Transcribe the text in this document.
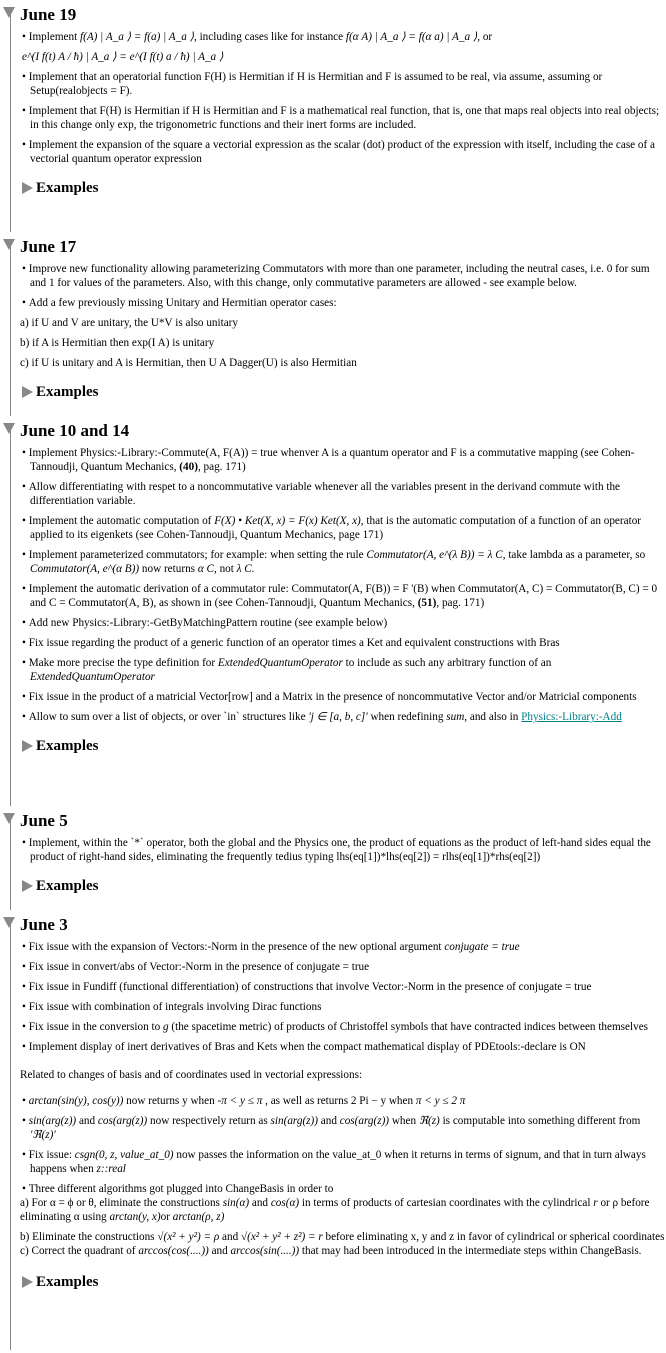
June 19
• Implement f(A) | A_a ⟩ = f(a) | A_a ⟩, including cases like for instance f(α A) | A_a ⟩ = f(α a) | A_a ⟩, or
e^(I f(t) A / ħ) | A_a ⟩ = e^(I f(t) a / ħ) | A_a ⟩
• Implement that an operatorial function F(H) is Hermitian if H is Hermitian and F is assumed to be real, via assume, assuming or Setup(realobjects = F).
• Implement that F(H) is Hermitian if H is Hermitian and F is a mathematical real function, that is, one that maps real objects into real objects; in this change only exp, the trigonometric functions and their inert forms are included.
• Implement the expansion of the square a vectorial expression as the scalar (dot) product of the expression with itself, including the case of a vectorial quantum operator expression
Examples
June 17
• Improve new functionality allowing parameterizing Commutators with more than one parameter, including the neutral cases, i.e. 0 for sum and 1 for values of the parameters. Also, with this change, only commutative parameters are allowed - see example below.
• Add a few previously missing Unitary and Hermitian operator cases:
a) if U and V are unitary, the U*V is also unitary
b) if A is Hermitian then exp(I A) is unitary
c) if U is unitary and A is Hermitian, then U A Dagger(U) is also Hermitian
Examples
June 10 and 14
• Implement Physics:-Library:-Commute(A, F(A)) = true whenver A is a quantum operator and F is a commutative mapping (see Cohen-Tannoudji, Quantum Mechanics, (40), pag. 171)
• Allow differentiating with respet to a noncommutative variable whenever all the variables present in the derivand commute with the differentiation variable.
• Implement the automatic computation of F(X) • Ket(X, x) = F(x) Ket(X, x), that is the automatic computation of a function of an operator applied to its eigenkets (see Cohen-Tannoudji, Quantum Mechanics, page 171)
• Implement parameterized commutators; for example: when setting the rule Commutator(A, e^(λ B)) = λ C, take lambda as a parameter, so Commutator(A, e^(α B)) now returns α C, not λ C.
• Implement the automatic derivation of a commutator rule: Commutator(A, F(B)) = F '(B) when Commutator(A, C) = Commutator(B, C) = 0 and C = Commutator(A, B), as shown in (see Cohen-Tannoudji, Quantum Mechanics, (51), pag. 171)
• Add new Physics:-Library:-GetByMatchingPattern routine (see example below)
• Fix issue regarding the product of a generic function of an operator times a Ket and equivalent constructions with Bras
• Make more precise the type definition for ExtendedQuantumOperator to include as such any arbitrary function of an ExtendedQuantumOperator
• Fix issue in the product of a matricial Vector[row] and a Matrix in the presence of noncommutative Vector and/or Matricial components
• Allow to sum over a list of objects, or over `in` structures like 'j ∈ [a, b, c]' when redefining sum, and also in Physics:-Library:-Add
Examples
June 5
• Implement, within the `*` operator, both the global and the Physics one, the product of equations as the product of left-hand sides equal the product of right-hand sides, eliminating the frequently tedius typing lhs(eq[1])*lhs(eq[2]) = rlhs(eq[1])*rhs(eq[2])
Examples
June 3
• Fix issue with the expansion of Vectors:-Norm in the presence of the new optional argument conjugate = true
• Fix issue in convert/abs of Vector:-Norm in the presence of conjugate = true
• Fix issue in Fundiff (functional differentiation) of constructions that involve Vector:-Norm in the presence of conjugate = true
• Fix issue with combination of integrals involving Dirac functions
• Fix issue in the conversion to g (the spacetime metric) of products of Christoffel symbols that have contracted indices between themselves
• Implement display of inert derivatives of Bras and Kets when the compact mathematical display of PDEtools:-declare is ON
Related to changes of basis and of coordinates used in vectorial expressions:
• arctan(sin(y), cos(y)) now returns y when -π < y ≤ π , as well as returns 2 Pi − y when π < y ≤ 2 π
• sin(arg(z)) and cos(arg(z)) now respectively return as sin(arg(z)) and cos(arg(z)) when ℜ(z) is computable into something different from 'ℜ(z)'
• Fix issue: csgn(0, z, value_at_0) now passes the information on the value_at_0 when it returns in terms of signum, and that in turn always happens when z::real
• Three different algorithms got plugged into ChangeBasis in order to
a) For α = ϕ or θ, eliminate the constructions sin(α) and cos(α) in terms of products of cartesian coordinates with the cylindrical r or ρ before eliminating α using arctan(y, x)or arctan(ρ, z)
b) Eliminate the constructions √(x² + y²) = ρ and √(x² + y² + z²) = r before eliminating x, y and z in favor of cylindrical or spherical coordinates
c) Correct the quadrant of arccos(cos(....)) and arccos(sin(....)) that may had been introduced in the intermediate steps within ChangeBasis.
Examples
